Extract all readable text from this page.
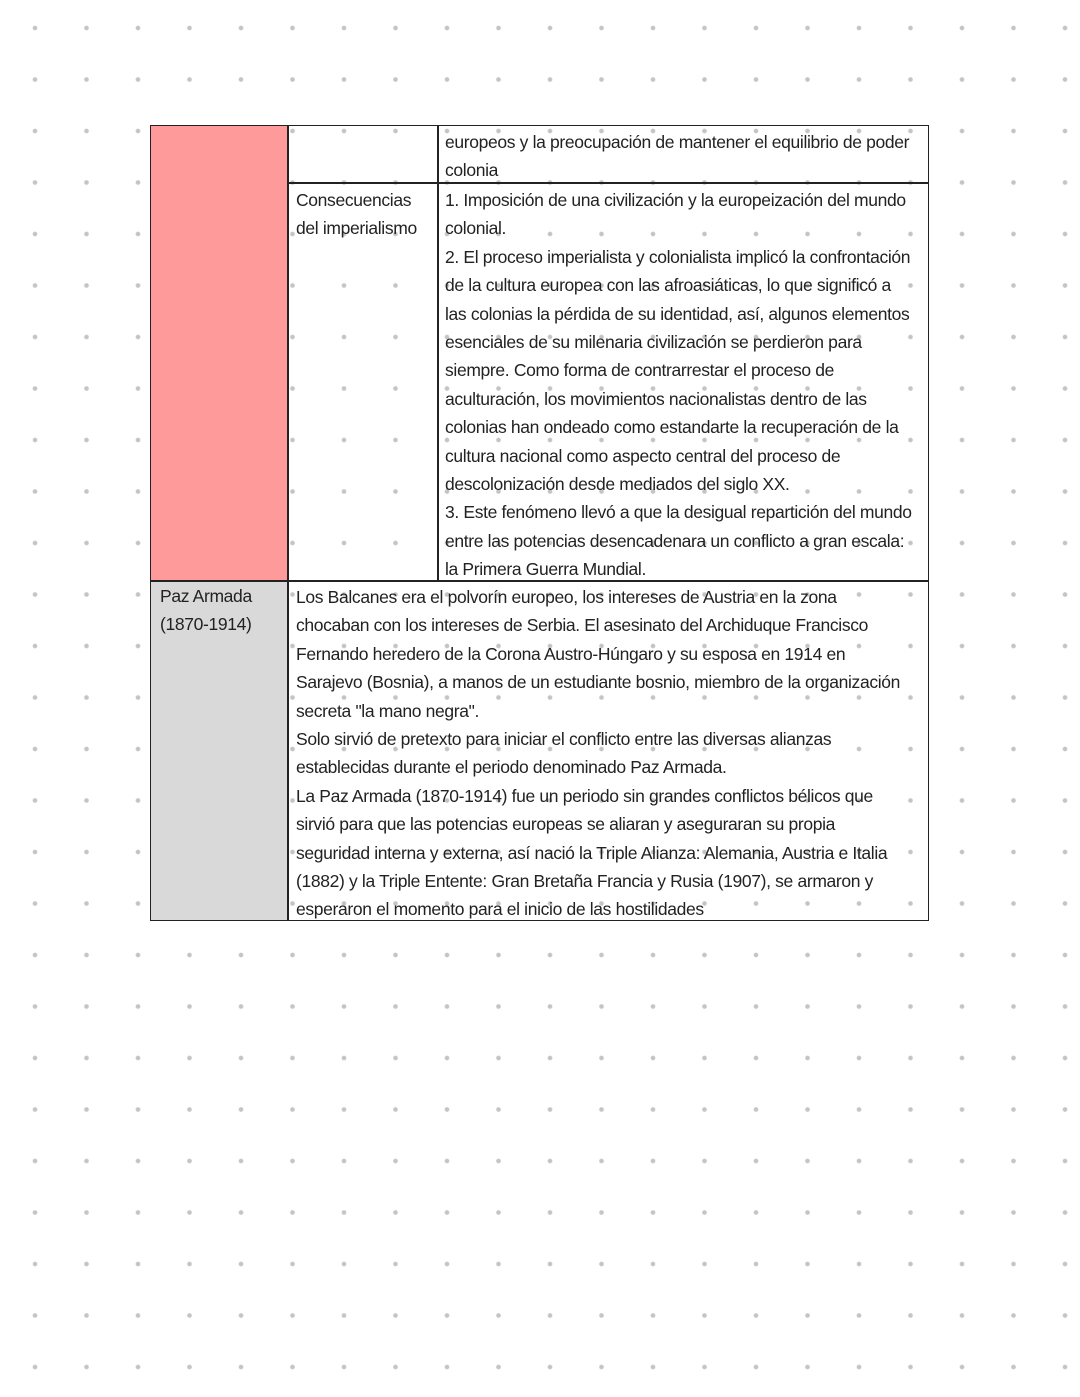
Paz Armada
(1870-1914)
europeos y la preocupación de mantener el equilibrio de poder
colonia
Consecuencias
del imperialismo
1. Imposición de una civilización y la europeización del mundo
colonial.
2. El proceso imperialista y colonialista implicó la confrontación
de la cultura europea con las afroasiáticas, lo que significó a
las colonias la pérdida de su identidad, así, algunos elementos
esenciales de su milenaria civilización se perdieron para
siempre. Como forma de contrarrestar el proceso de
aculturación, los movimientos nacionalistas dentro de las
colonias han ondeado como estandarte la recuperación de la
cultura nacional como aspecto central del proceso de
descolonización desde mediados del siglo XX.
3. Este fenómeno llevó a que la desigual repartición del mundo
entre las potencias desencadenara un conflicto a gran escala:
la Primera Guerra Mundial.
Los Balcanes era el polvorín europeo, los intereses de Austria en la zona
chocaban con los intereses de Serbia. El asesinato del Archiduque Francisco
Fernando heredero de la Corona Austro-Húngaro y su esposa en 1914 en
Sarajevo (Bosnia), a manos de un estudiante bosnio, miembro de la organización
secreta "la mano negra".
Solo sirvió de pretexto para iniciar el conflicto entre las diversas alianzas
establecidas durante el periodo denominado Paz Armada.
La Paz Armada (1870-1914) fue un periodo sin grandes conflictos bélicos que
sirvió para que las potencias europeas se aliaran y aseguraran su propia
seguridad interna y externa, así nació la Triple Alianza: Alemania, Austria e Italia
(1882) y la Triple Entente: Gran Bretaña Francia y Rusia (1907), se armaron y
esperaron el momento para el inicio de las hostilidades
